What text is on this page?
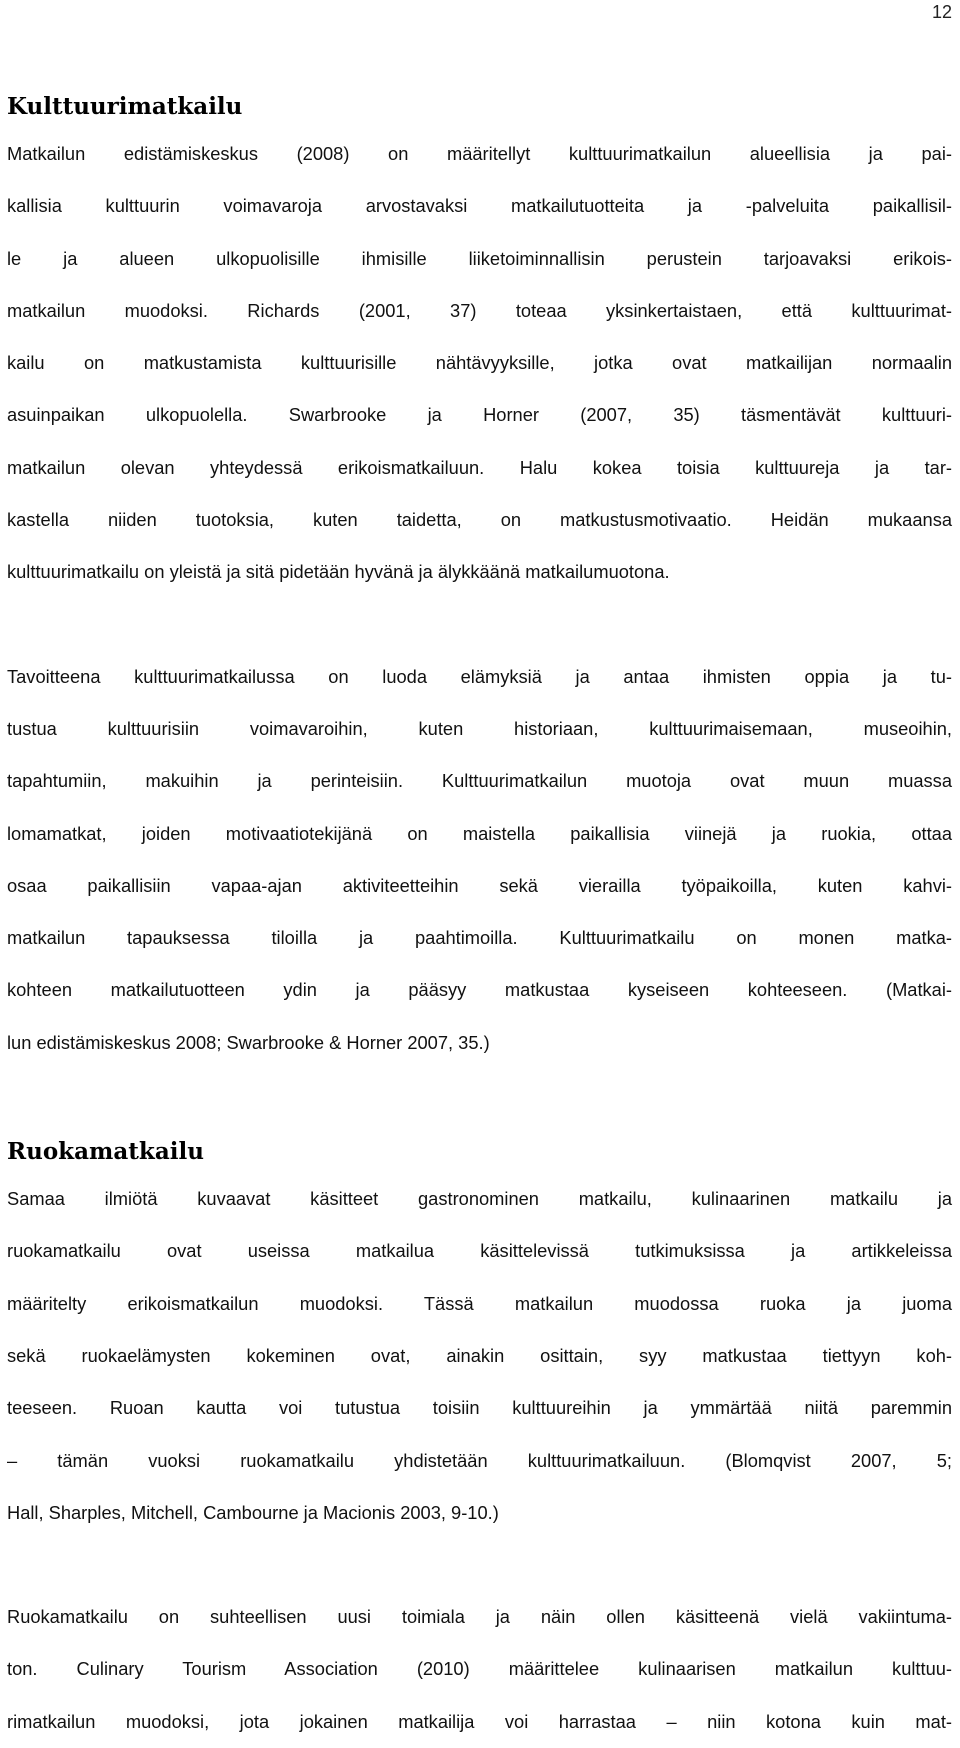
12
Kulttuurimatkailu

Matkailun edistämiskeskus (2008) on määritellyt kulttuurimatkailun alueellisia ja pai-
kallisia kulttuurin voimavaroja arvostavaksi matkailutuotteita ja -palveluita paikallisil-
le ja alueen ulkopuolisille ihmisille liiketoiminnallisin perustein tarjoavaksi erikois-
matkailun muodoksi. Richards (2001, 37) toteaa yksinkertaistaen, että kulttuurimat-
kailu on matkustamista kulttuurisille nähtävyyksille, jotka ovat matkailijan normaalin
asuinpaikan ulkopuolella. Swarbrooke ja Horner (2007, 35) täsmentävät kulttuuri-
matkailun olevan yhteydessä erikoismatkailuun. Halu kokea toisia kulttuureja ja tar-
kastella niiden tuotoksia, kuten taidetta, on matkustusmotivaatio. Heidän mukaansa
kulttuurimatkailu on yleistä ja sitä pidetään hyvänä ja älykkäänä matkailumuotona.

Tavoitteena kulttuurimatkailussa on luoda elämyksiä ja antaa ihmisten oppia ja tu-
tustua kulttuurisiin voimavaroihin, kuten historiaan, kulttuurimaisemaan, museoihin,
tapahtumiin, makuihin ja perinteisiin. Kulttuurimatkailun muotoja ovat muun muassa
lomamatkat, joiden motivaatiotekijänä on maistella paikallisia viinejä ja ruokia, ottaa
osaa paikallisiin vapaa-ajan aktiviteetteihin sekä vierailla työpaikoilla, kuten kahvi-
matkailun tapauksessa tiloilla ja paahtimoilla. Kulttuurimatkailu on monen matka-
kohteen matkailutuotteen ydin ja pääsyy matkustaa kyseiseen kohteeseen. (Matkai-
lun edistämiskeskus 2008; Swarbrooke & Horner 2007, 35.)

Ruokamatkailu

Samaa ilmiötä kuvaavat käsitteet gastronominen matkailu, kulinaarinen matkailu ja
ruokamatkailu ovat useissa matkailua käsittelevissä tutkimuksissa ja artikkeleissa
määritelty erikoismatkailun muodoksi. Tässä matkailun muodossa ruoka ja juoma
sekä ruokaelämysten kokeminen ovat, ainakin osittain, syy matkustaa tiettyyn koh-
teeseen. Ruoan kautta voi tutustua toisiin kulttuureihin ja ymmärtää niitä paremmin
– tämän vuoksi ruokamatkailu yhdistetään kulttuurimatkailuun. (Blomqvist 2007, 5;
Hall, Sharples, Mitchell, Cambourne ja Macionis 2003, 9-10.)

Ruokamatkailu on suhteellisen uusi toimiala ja näin ollen käsitteenä vielä vakiintuma-
ton. Culinary Tourism Association (2010) määrittelee kulinaarisen matkailun kulttuu-
rimatkailun muodoksi, jota jokainen matkailija voi harrastaa – niin kotona kuin mat-
